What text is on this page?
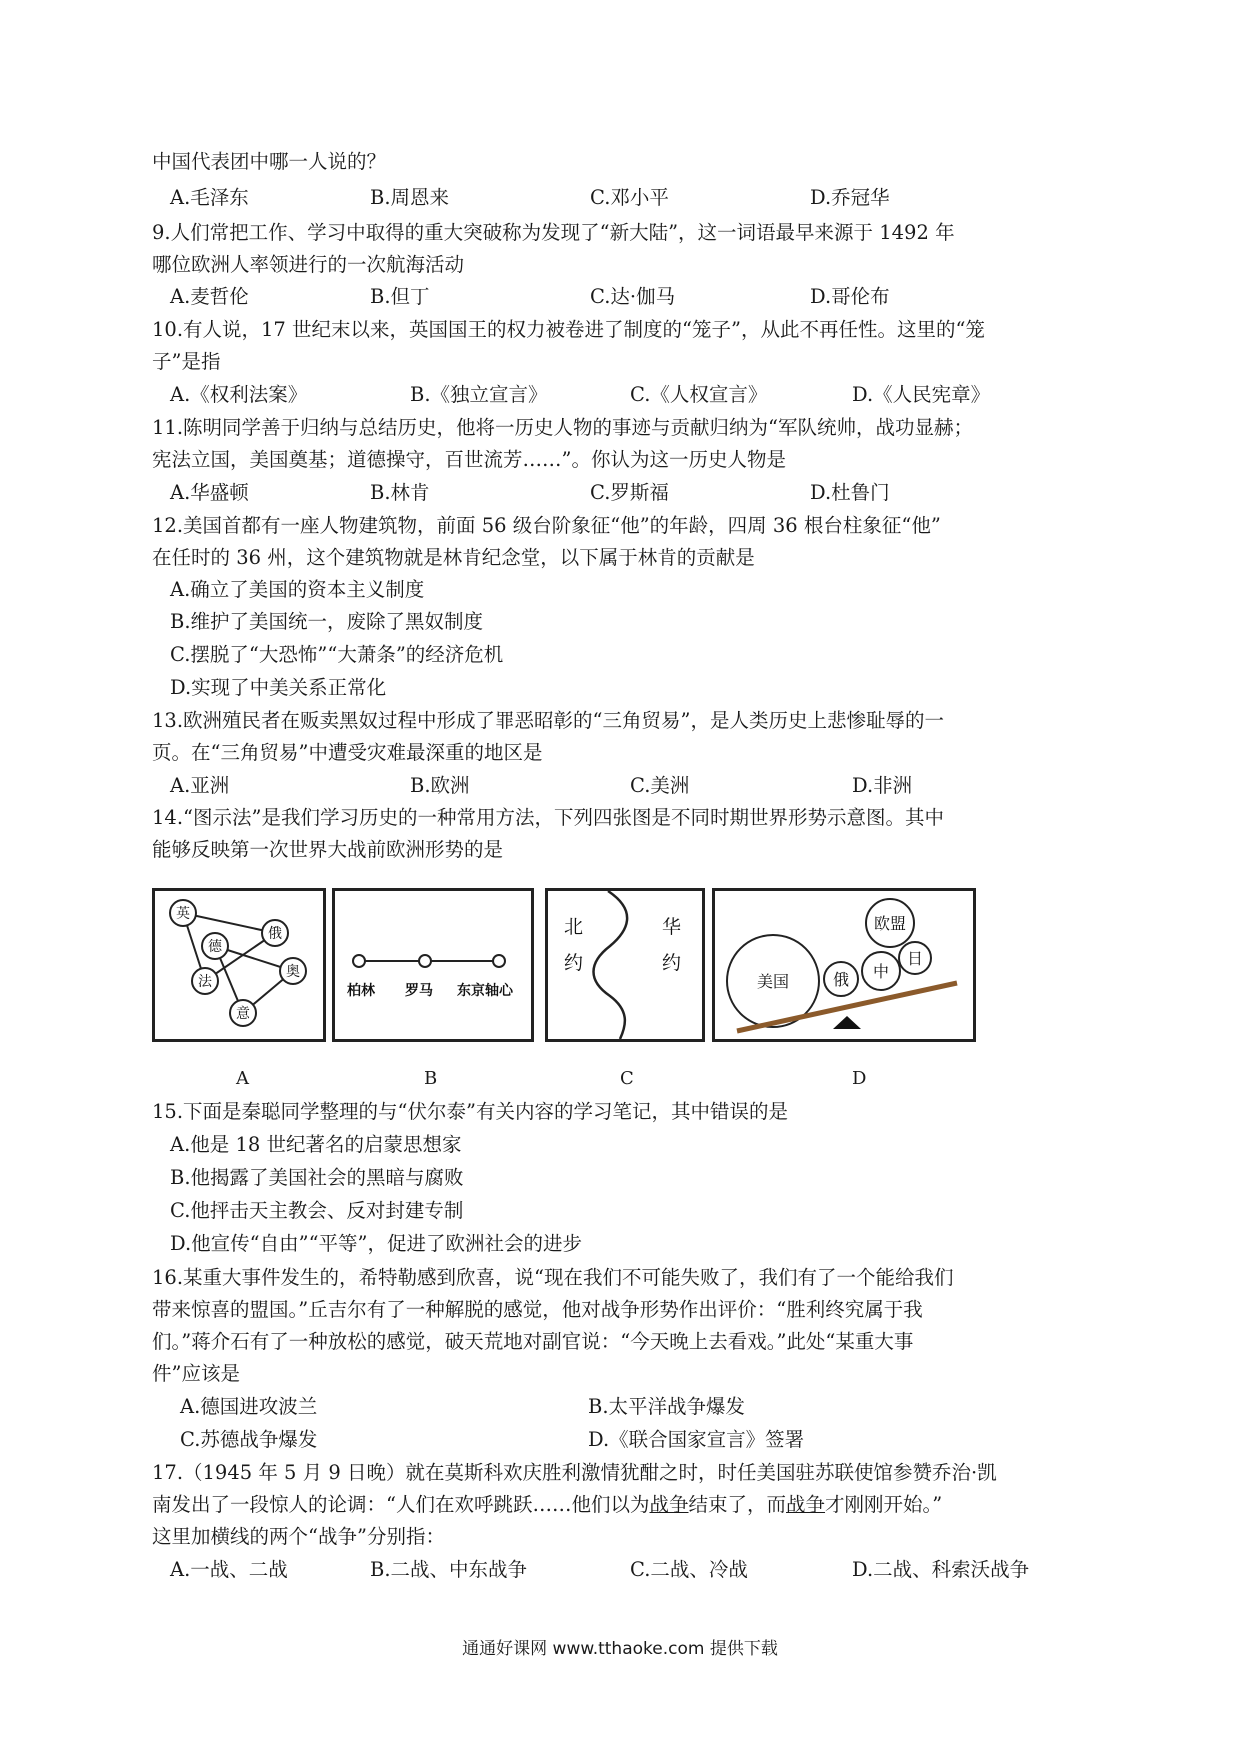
中国代表团中哪一人说的？
A.毛泽东	B.周恩来	C.邓小平	D.乔冠华
9.人们常把工作、学习中取得的重大突破称为发现了“新大陆”，这一词语最早来源于 1492 年
哪位欧洲人率领进行的一次航海活动
A.麦哲伦	B.但丁	C.达·伽马	D.哥伦布
10.有人说，17 世纪末以来，英国国王的权力被卷进了制度的“笼子”，从此不再任性。这里的“笼
子”是指
A.《权利法案》	B.《独立宣言》	C.《人权宣言》	D.《人民宪章》
11.陈明同学善于归纳与总结历史，他将一历史人物的事迹与贡献归纳为“军队统帅，战功显赫；
宪法立国，美国奠基；道德操守，百世流芳……”。你认为这一历史人物是
A.华盛顿	B.林肯	C.罗斯福	D.杜鲁门
12.美国首都有一座人物建筑物，前面 56 级台阶象征“他”的年龄，四周 36 根台柱象征“他”
在任时的 36 州，这个建筑物就是林肯纪念堂，以下属于林肯的贡献是
A.确立了美国的资本主义制度
B.维护了美国统一，废除了黑奴制度
C.摆脱了“大恐怖”“大萧条”的经济危机
D.实现了中美关系正常化
13.欧洲殖民者在贩卖黑奴过程中形成了罪恶昭彰的“三角贸易”，是人类历史上悲惨耻辱的一
页。在“三角贸易”中遭受灾难最深重的地区是
A.亚洲	B.欧洲	C.美洲	D.非洲
14.“图示法”是我们学习历史的一种常用方法，下列四张图是不同时期世界形势示意图。其中
能够反映第一次世界大战前欧洲形势的是
英
俄
德
法
奥
意
柏林 罗马 东京轴心
北
约
华
约
美国	俄 中
欧盟
日
A	B	C	D
15.下面是秦聪同学整理的与“伏尔泰”有关内容的学习笔记，其中错误的是
A.他是 18 世纪著名的启蒙思想家
B.他揭露了美国社会的黑暗与腐败
C.他抨击天主教会、反对封建专制
D.他宣传“自由”“平等”，促进了欧洲社会的进步
16.某重大事件发生的，希特勒感到欣喜，说“现在我们不可能失败了，我们有了一个能给我们
带来惊喜的盟国。”丘吉尔有了一种解脱的感觉，他对战争形势作出评价：“胜利终究属于我
们。”蒋介石有了一种放松的感觉，破天荒地对副官说：“今天晚上去看戏。”此处“某重大事
件”应该是
A.德国进攻波兰	B.太平洋战争爆发
C.苏德战争爆发	D.《联合国家宣言》签署
17.（1945 年 5 月 9 日晚）就在莫斯科欢庆胜利激情犹酣之时，时任美国驻苏联使馆参赞乔治·凯
南发出了一段惊人的论调：“人们在欢呼跳跃……他们以为战争结束了，而战争才刚刚开始。”
这里加横线的两个“战争”分别指：
A.一战、二战	B.二战、中东战争	C.二战、冷战	D.二战、科索沃战争
通通好课网 www.tthaoke.com 提供下载
